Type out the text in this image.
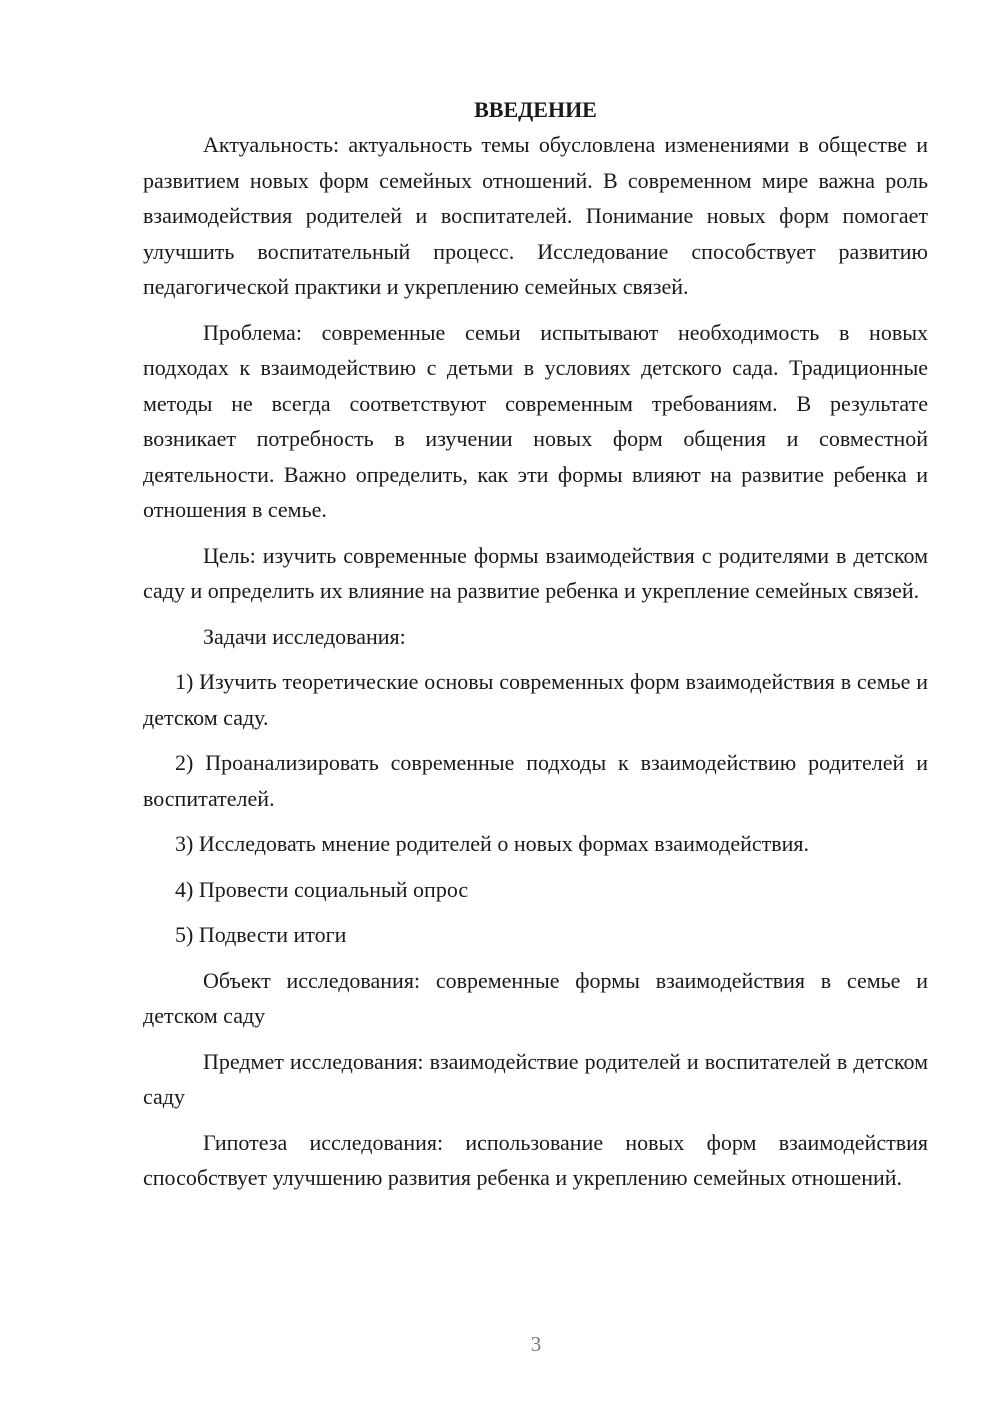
ВВЕДЕНИЕ

Актуальность: актуальность темы обусловлена изменениями в обществе и развитием новых форм семейных отношений. В современном мире важна роль взаимодействия родителей и воспитателей. Понимание новых форм помогает улучшить воспитательный процесс. Исследование способствует развитию педагогической практики и укреплению семейных связей.

Проблема: современные семьи испытывают необходимость в новых подходах к взаимодействию с детьми в условиях детского сада. Традиционные методы не всегда соответствуют современным требованиям. В результате возникает потребность в изучении новых форм общения и совместной деятельности. Важно определить, как эти формы влияют на развитие ребенка и отношения в семье.

Цель: изучить современные формы взаимодействия с родителями в детском саду и определить их влияние на развитие ребенка и укрепление семейных связей.

Задачи исследования:

1) Изучить теоретические основы современных форм взаимодействия в семье и детском саду.

2) Проанализировать современные подходы к взаимодействию родителей и воспитателей.

3) Исследовать мнение родителей о новых формах взаимодействия.

4) Провести социальный опрос

5) Подвести итоги

Объект исследования: современные формы взаимодействия в семье и детском саду

Предмет исследования: взаимодействие родителей и воспитателей в детском саду

Гипотеза исследования: использование новых форм взаимодействия способствует улучшению развития ребенка и укреплению семейных отношений.

3
